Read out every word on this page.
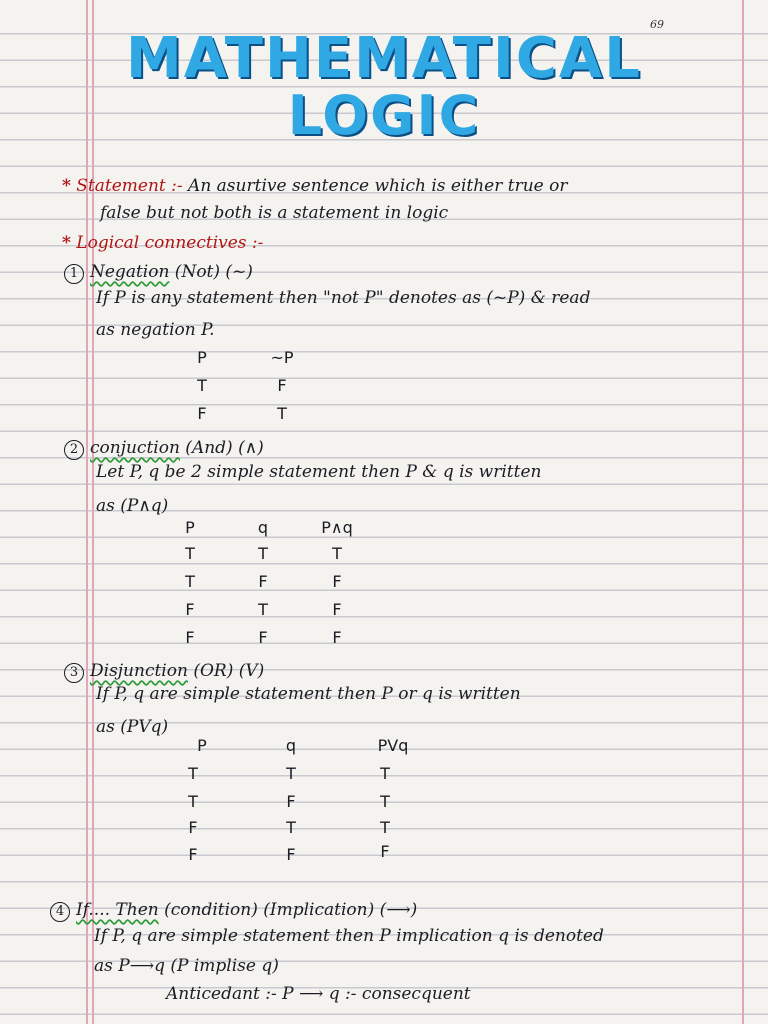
69
MATHEMATICAL
LOGIC
* Statement :- An asurtive sentence which is either true or
false but not both is a statement in logic
* Logical connectives :-
1 Negation (Not) (~)
If P is any statement then "not P" denotes as (~P) & read
as negation P.
P	~P
T	F
F	T
2 conjuction (And) (∧)
Let P, q be 2 simple statement then P & q is written
as (P∧q)
P	q	P∧q
T	T	T
T	F	F
F	T	F
F	F	F
3 Disjunction (OR) (V)
If P, q are simple statement then P or q is written
as (PVq)
P	q	PVq
T	T	T
T	F	T
F	T	T
F	F	F
4 If.... Then (condition) (Implication) (⟶)
If P, q are simple statement then P implication q is denoted
as P⟶q (P implise q)
Anticedant :- P ⟶ q :- consecquent
